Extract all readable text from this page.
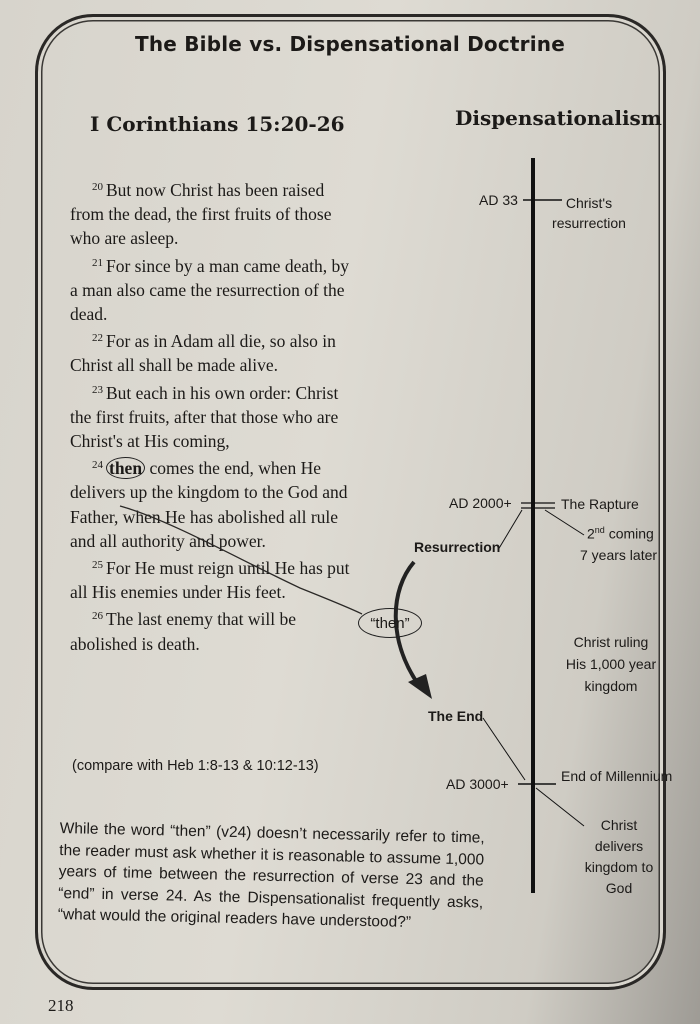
The Bible vs. Dispensational Doctrine
I Corinthians 15:20-26	Dispensationalism

$^{20}$ But now Christ has been raised from the dead, the first fruits of those who are asleep.

$^{21}$ For since by a man came death, by a man also came the resurrection of the dead.

$^{22}$ For as in Adam all die, so also in Christ all shall be made alive.

$^{23}$ But each in his own order: Christ the first fruits, after that those who are Christ's at His coming,

$^{24}$ then comes the end, when He delivers up the kingdom to the God and Father, when He has abolished all rule and all authority and power.

$^{25}$ For He must reign until He has put all His enemies under His feet.

$^{26}$ The last enemy that will be abolished is death.

(compare with Heb 1:8-13 & 10:12-13)
AD 33	Christ's
resurrection
AD 2000+	The Rapture
2nd coming
7 years later
Resurrection
“then”
Christ ruling
His 1,000 year
kingdom
The End
AD 3000+	End of Millennium
Christ delivers
kingdom to God
While the word “then” (v24) doesn’t necessarily refer to time, the reader must ask whether it is reasonable to assume 1,000 years of time between the resurrection of verse 23 and the “end” in verse 24. As the Dispensationalist frequently asks, “what would the original readers have understood?”
218
